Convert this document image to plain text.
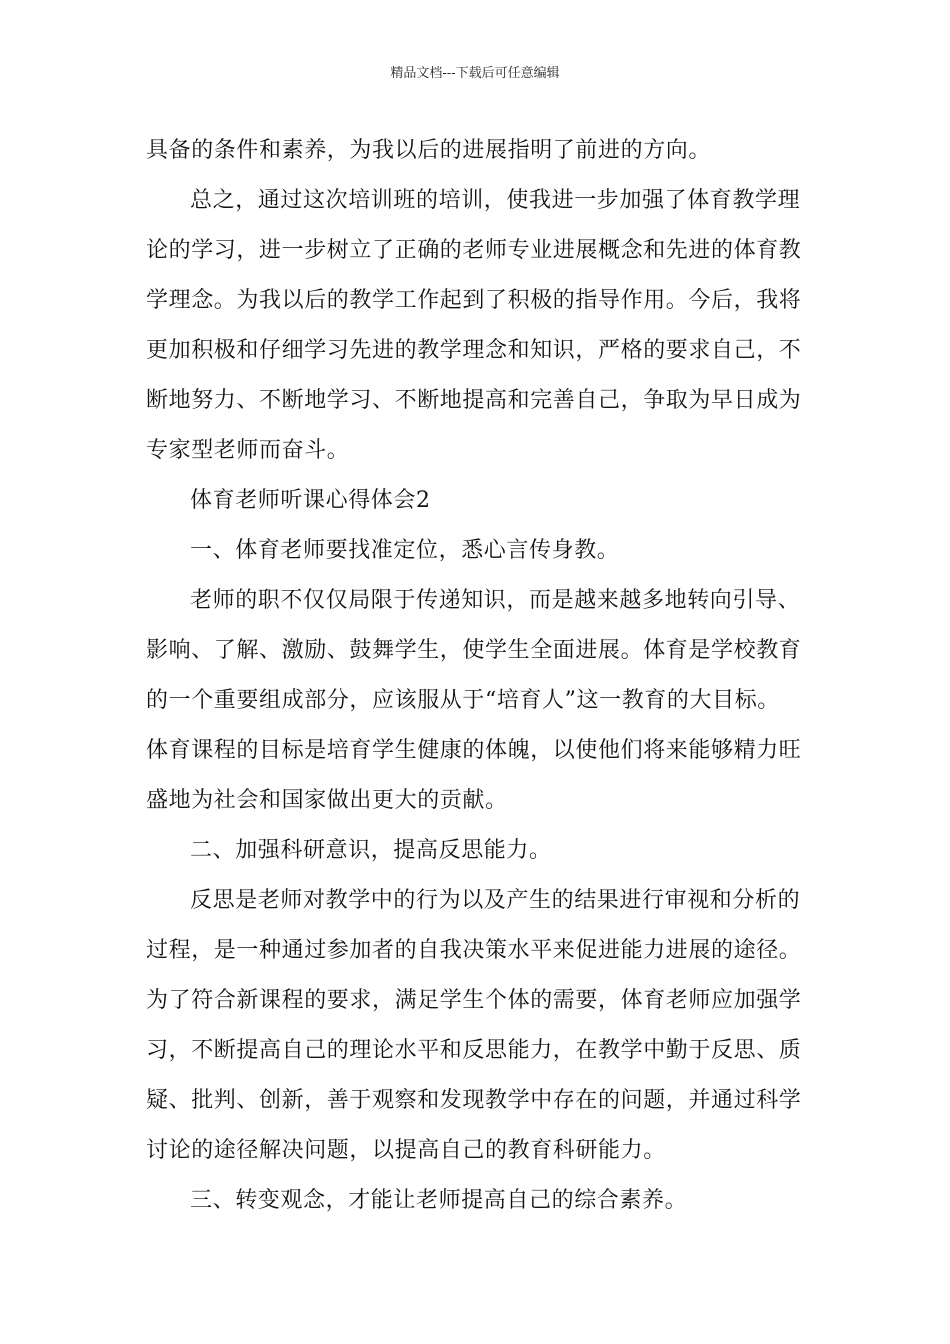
精品文档---下载后可任意编辑
具备的条件和素养，为我以后的进展指明了前进的方向。
总之，通过这次培训班的培训，使我进一步加强了体育教学理
论的学习，进一步树立了正确的老师专业进展概念和先进的体育教
学理念。为我以后的教学工作起到了积极的指导作用。今后，我将
更加积极和仔细学习先进的教学理念和知识，严格的要求自己，不
断地努力、不断地学习、不断地提高和完善自己，争取为早日成为
专家型老师而奋斗。
体育老师听课心得体会2
一、体育老师要找准定位，悉心言传身教。
老师的职不仅仅局限于传递知识，而是越来越多地转向引导、
影响、了解、激励、鼓舞学生，使学生全面进展。体育是学校教育
的一个重要组成部分，应该服从于“培育人”这一教育的大目标。
体育课程的目标是培育学生健康的体魄，以使他们将来能够精力旺
盛地为社会和国家做出更大的贡献。
二、加强科研意识，提高反思能力。
反思是老师对教学中的行为以及产生的结果进行审视和分析的
过程，是一种通过参加者的自我决策水平来促进能力进展的途径。
为了符合新课程的要求，满足学生个体的需要，体育老师应加强学
习，不断提高自己的理论水平和反思能力，在教学中勤于反思、质
疑、批判、创新，善于观察和发现教学中存在的问题，并通过科学
讨论的途径解决问题，以提高自己的教育科研能力。
三、转变观念，才能让老师提高自己的综合素养。
